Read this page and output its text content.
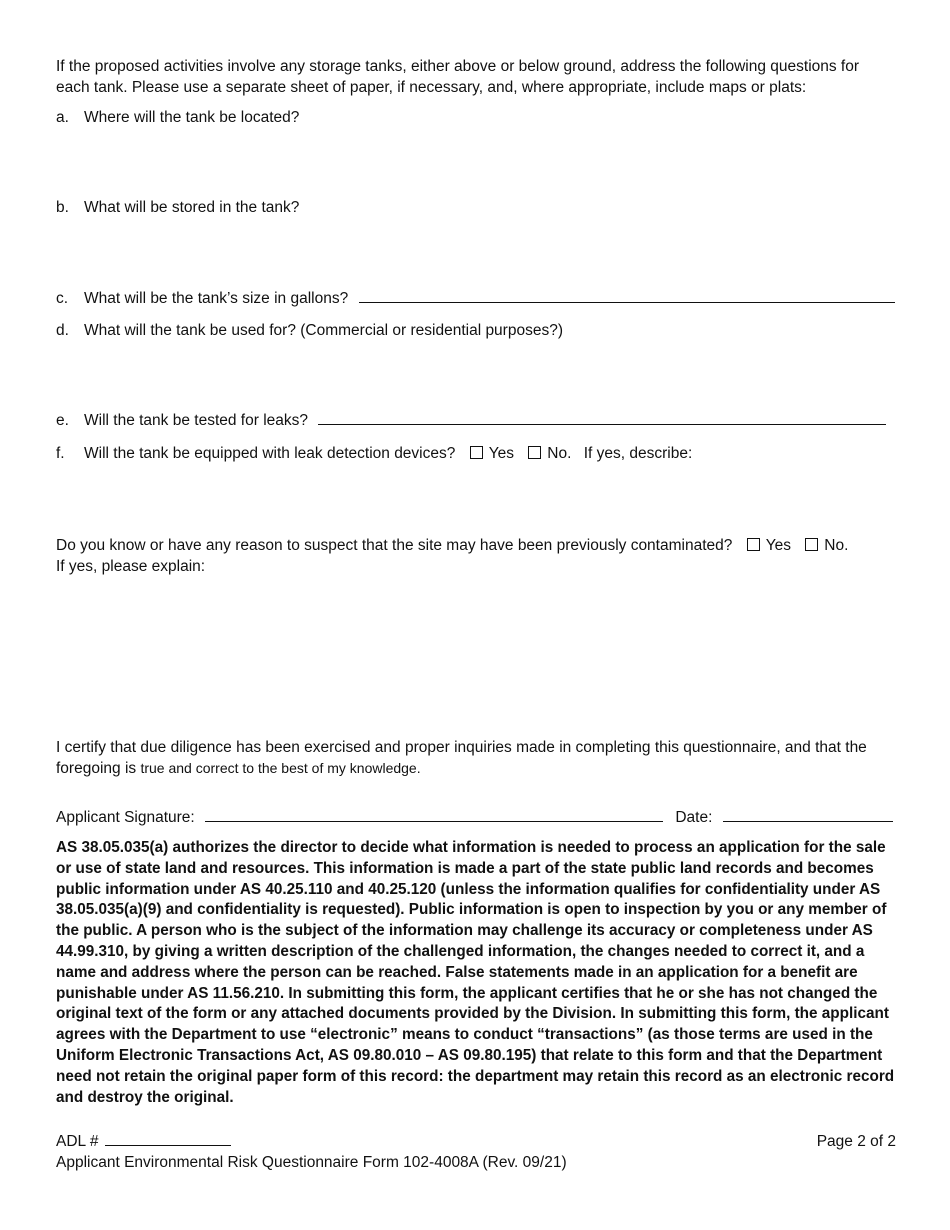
If the proposed activities involve any storage tanks, either above or below ground, address the following questions for each tank. Please use a separate sheet of paper, if necessary, and, where appropriate, include maps or plats:
a. Where will the tank be located?
b. What will be stored in the tank?
c. What will be the tank’s size in gallons?
d. What will the tank be used for? (Commercial or residential purposes?)
e. Will the tank be tested for leaks?
f. Will the tank be equipped with leak detection devices? Yes No. If yes, describe:
Do you know or have any reason to suspect that the site may have been previously contaminated? Yes No.
If yes, please explain:
I certify that due diligence has been exercised and proper inquiries made in completing this questionnaire, and that the foregoing is true and correct to the best of my knowledge.
Applicant Signature:	Date:
AS 38.05.035(a) authorizes the director to decide what information is needed to process an application for the sale or use of state land and resources. This information is made a part of the state public land records and becomes public information under AS 40.25.110 and 40.25.120 (unless the information qualifies for confidentiality under AS 38.05.035(a)(9) and confidentiality is requested). Public information is open to inspection by you or any member of the public. A person who is the subject of the information may challenge its accuracy or completeness under AS 44.99.310, by giving a written description of the challenged information, the changes needed to correct it, and a name and address where the person can be reached. False statements made in an application for a benefit are punishable under AS 11.56.210. In submitting this form, the applicant certifies that he or she has not changed the original text of the form or any attached documents provided by the Division. In submitting this form, the applicant agrees with the Department to use “electronic” means to conduct “transactions” (as those terms are used in the Uniform Electronic Transactions Act, AS 09.80.010 – AS 09.80.195) that relate to this form and that the Department need not retain the original paper form of this record: the department may retain this record as an electronic record and destroy the original.
ADL #	Page 2 of 2
Applicant Environmental Risk Questionnaire Form 102-4008A (Rev. 09/21)
